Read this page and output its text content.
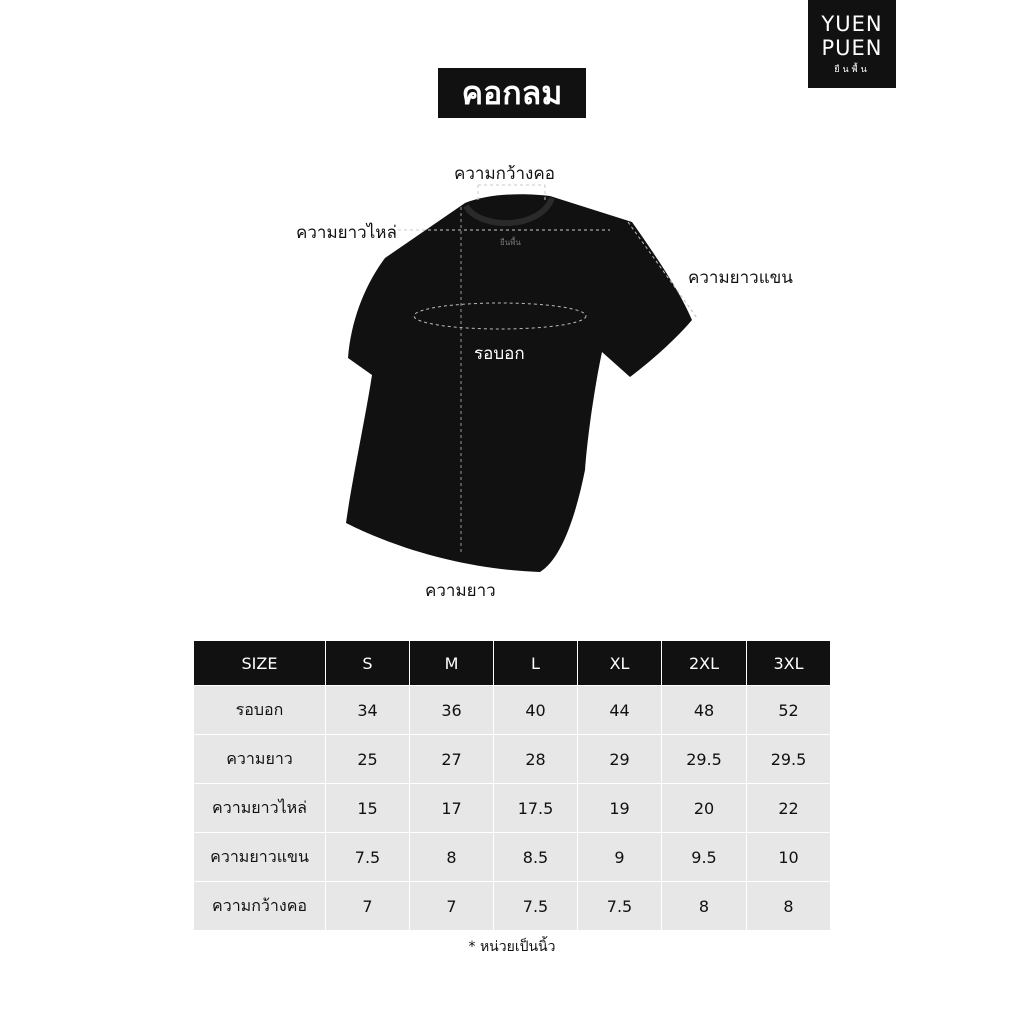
YUEN
PUEN
ยืนพื้น
คอกลม
ยืนพื้น
ความกว้างคอ
ความยาวไหล่
ความยาวแขน
รอบอก
ความยาว
SIZE	S	M	L	XL	2XL	3XL
รอบอก	34	36	40	44	48	52
ความยาว	25	27	28	29	29.5	29.5
ความยาวไหล่	15	17	17.5	19	20	22
ความยาวแขน	7.5	8	8.5	9	9.5	10
ความกว้างคอ	7	7	7.5	7.5	8	8
* หน่วยเป็นนิ้ว
